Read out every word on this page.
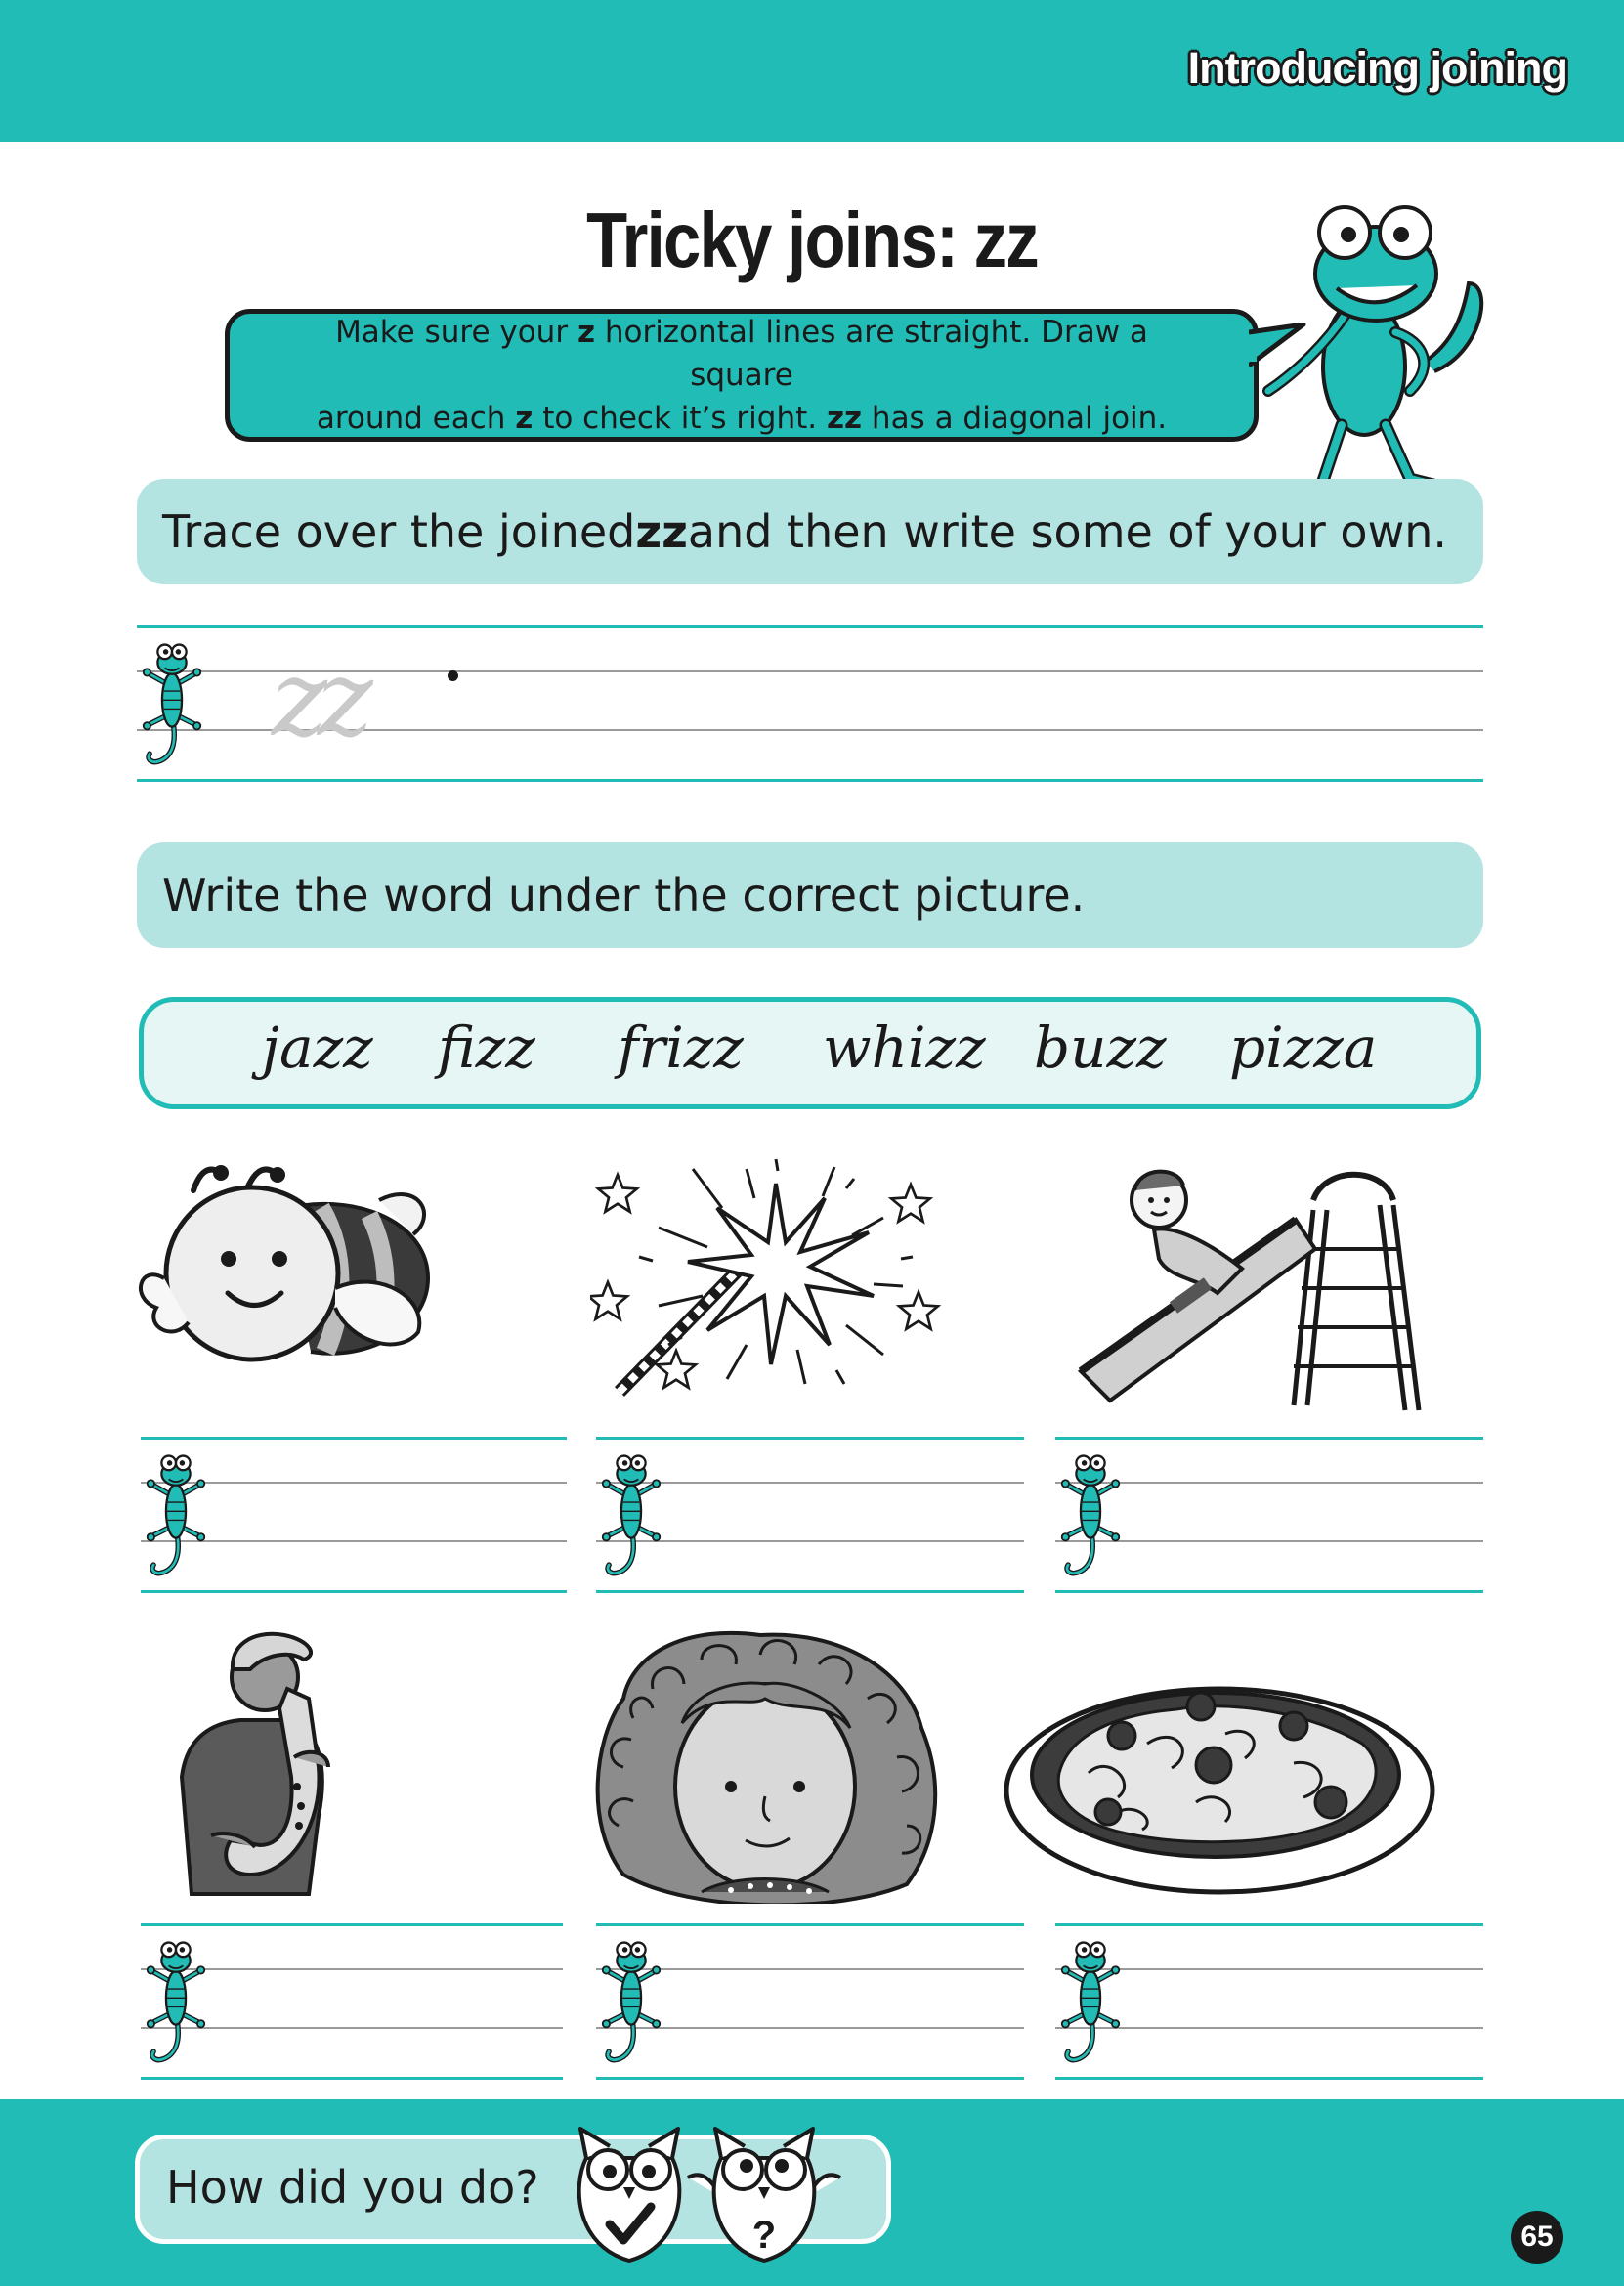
Introducing joining
Tricky joins: zz
Make sure your z horizontal lines are straight. Draw a square
around each z to check it’s right. zz has a diagonal join.
Trace over the joined zz and then write some of your own.
zz
Write the word under the correct picture.
jazz fizz frizz whizz buzz pizza
How did you do?
?	65
